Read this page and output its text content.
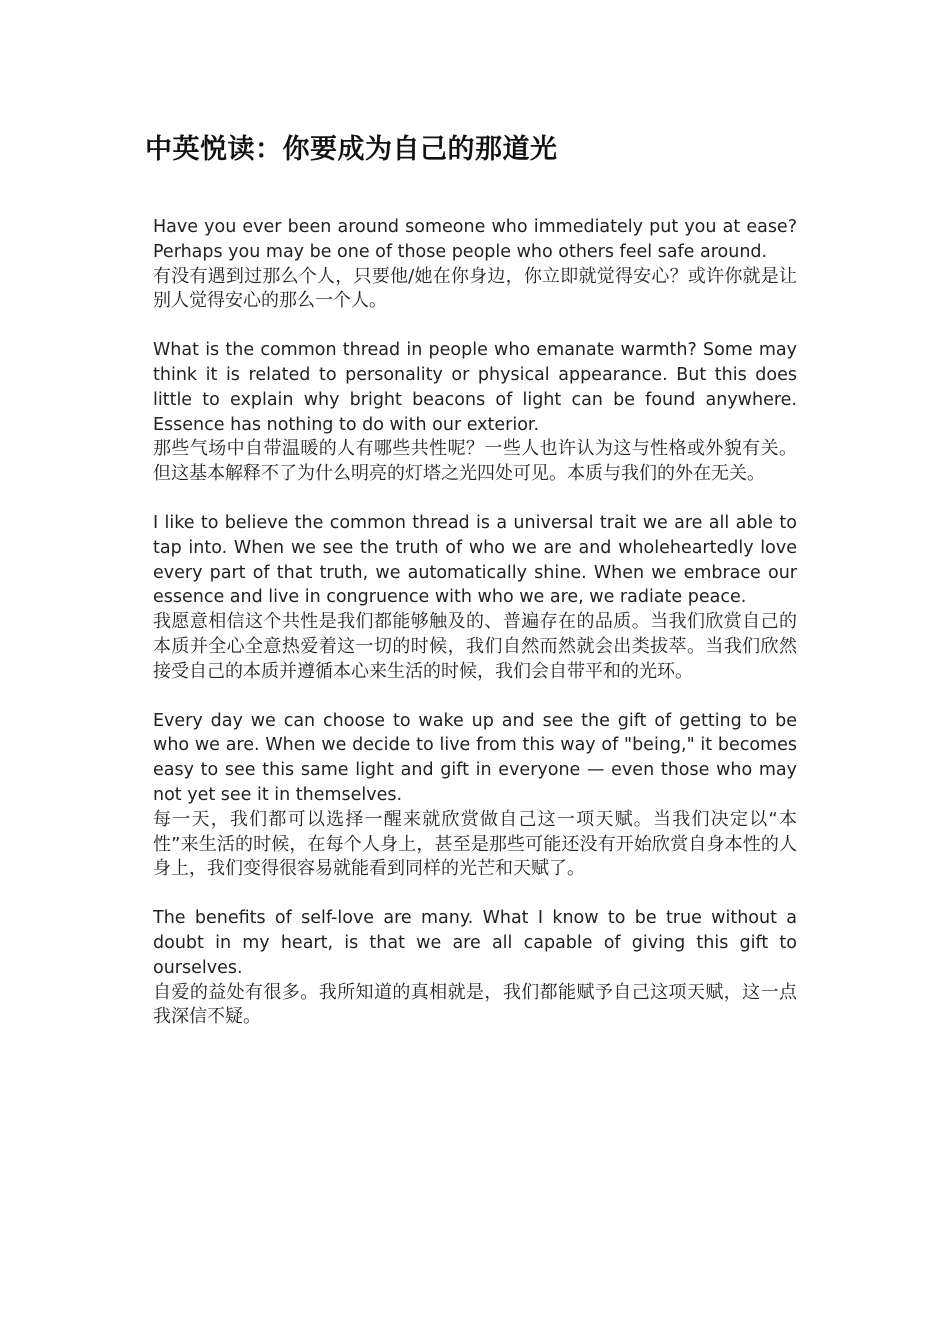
中英悦读：你要成为自己的那道光

Have you ever been around someone who immediately put you at ease? Perhaps you may be one of those people who others feel safe around.

有没有遇到过那么个人，只要他/她在你身边，你立即就觉得安心？或许你就是让别人觉得安心的那么一个人。

What is the common thread in people who emanate warmth? Some may think it is related to personality or physical appearance. But this does little to explain why bright beacons of light can be found anywhere. Essence has nothing to do with our exterior.

那些气场中自带温暖的人有哪些共性呢？一些人也许认为这与性格或外貌有关。但这基本解释不了为什么明亮的灯塔之光四处可见。本质与我们的外在无关。

I like to believe the common thread is a universal trait we are all able to tap into. When we see the truth of who we are and wholeheartedly love every part of that truth, we automatically shine. When we embrace our essence and live in congruence with who we are, we radiate peace.

我愿意相信这个共性是我们都能够触及的、普遍存在的品质。当我们欣赏自己的本质并全心全意热爱着这一切的时候，我们自然而然就会出类拔萃。当我们欣然接受自己的本质并遵循本心来生活的时候，我们会自带平和的光环。

Every day we can choose to wake up and see the gift of getting to be who we are. When we decide to live from this way of "being," it becomes easy to see this same light and gift in everyone — even those who may not yet see it in themselves.

每一天，我们都可以选择一醒来就欣赏做自己这一项天赋。当我们决定以“本性”来生活的时候，在每个人身上，甚至是那些可能还没有开始欣赏自身本性的人身上，我们变得很容易就能看到同样的光芒和天赋了。

The benefits of self-love are many. What I know to be true without a doubt in my heart, is that we are all capable of giving this gift to ourselves.

自爱的益处有很多。我所知道的真相就是，我们都能赋予自己这项天赋，这一点我深信不疑。
